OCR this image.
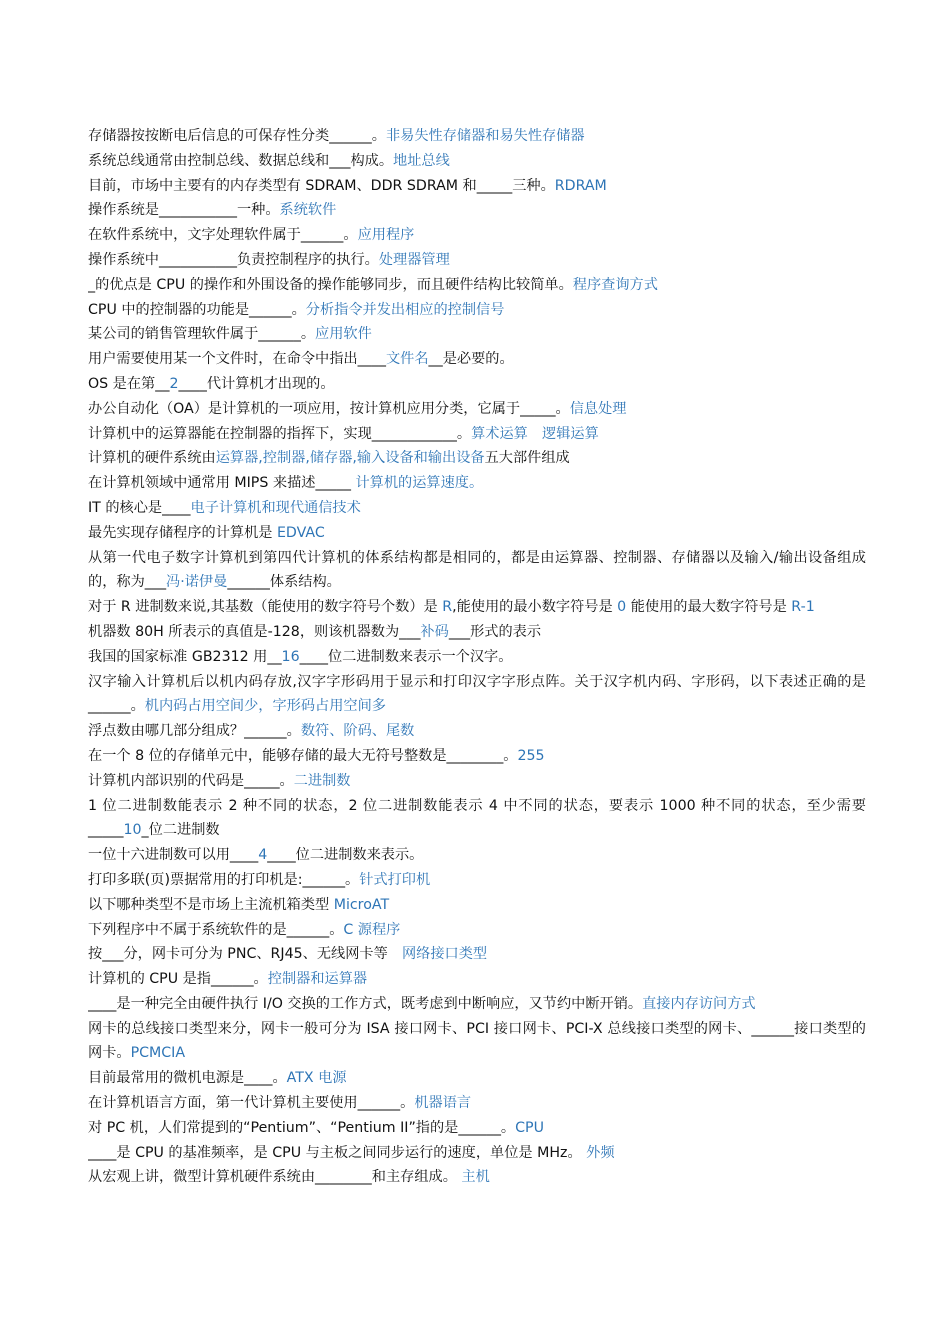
存储器按按断电后信息的可保存性分类______。非易失性存储器和易失性存储器
系统总线通常由控制总线、数据总线和___构成。地址总线
目前，市场中主要有的内存类型有 SDRAM、DDR SDRAM 和_____三种。RDRAM
操作系统是___________一种。系统软件
在软件系统中，文字处理软件属于______。应用程序
操作系统中___________负责控制程序的执行。处理器管理
_的优点是 CPU 的操作和外围设备的操作能够同步，而且硬件结构比较简单。程序查询方式
CPU 中的控制器的功能是______。分析指令并发出相应的控制信号
某公司的销售管理软件属于______。应用软件
用户需要使用某一个文件时，在命令中指出____文件名__是必要的。
OS 是在第__2____代计算机才出现的。
办公自动化（OA）是计算机的一项应用，按计算机应用分类，它属于_____。信息处理
计算机中的运算器能在控制器的指挥下，实现____________。算术运算　逻辑运算
计算机的硬件系统由运算器,控制器,储存器,输入设备和输出设备五大部件组成
在计算机领域中通常用 MIPS 来描述_____ 计算机的运算速度。
IT 的核心是____电子计算机和现代通信技术
最先实现存储程序的计算机是 EDVAC
从第一代电子数字计算机到第四代计算机的体系结构都是相同的，都是由运算器、控制器、存储器以及输入/输出设备组成的，称为___冯·诺伊曼______体系结构。
对于 R 进制数来说,其基数（能使用的数字符号个数）是 R,能使用的最小数字符号是 0 能使用的最大数字符号是 R-1
机器数 80H 所表示的真值是-128，则该机器数为___补码___形式的表示
我国的国家标准 GB2312 用__16____位二进制数来表示一个汉字。
汉字输入计算机后以机内码存放,汉字字形码用于显示和打印汉字字形点阵。关于汉字机内码、字形码，以下表述正确的是______。机内码占用空间少，字形码占用空间多
浮点数由哪几部分组成？______。数符、阶码、尾数
在一个 8 位的存储单元中，能够存储的最大无符号整数是________。255
计算机内部识别的代码是_____。二进制数
1 位二进制数能表示 2 种不同的状态，2 位二进制数能表示 4 中不同的状态，要表示 1000 种不同的状态，至少需要_____10_位二进制数
一位十六进制数可以用____4____位二进制数来表示。
打印多联(页)票据常用的打印机是:______。针式打印机
以下哪种类型不是市场上主流机箱类型 MicroAT
下列程序中不属于系统软件的是______。C 源程序
按___分，网卡可分为 PNC、RJ45、无线网卡等　网络接口类型
计算机的 CPU 是指______。控制器和运算器
____是一种完全由硬件执行 I/O 交换的工作方式，既考虑到中断响应，又节约中断开销。直接内存访问方式
网卡的总线接口类型来分，网卡一般可分为 ISA 接口网卡、PCI 接口网卡、PCI-X 总线接口类型的网卡、______接口类型的网卡。PCMCIA
目前最常用的微机电源是____。ATX 电源
在计算机语言方面，第一代计算机主要使用______。机器语言
对 PC 机，人们常提到的“Pentium”、“Pentium II”指的是______。CPU
____是 CPU 的基准频率，是 CPU 与主板之间同步运行的速度，单位是 MHz。 外频
从宏观上讲，微型计算机硬件系统由________和主存组成。 主机
